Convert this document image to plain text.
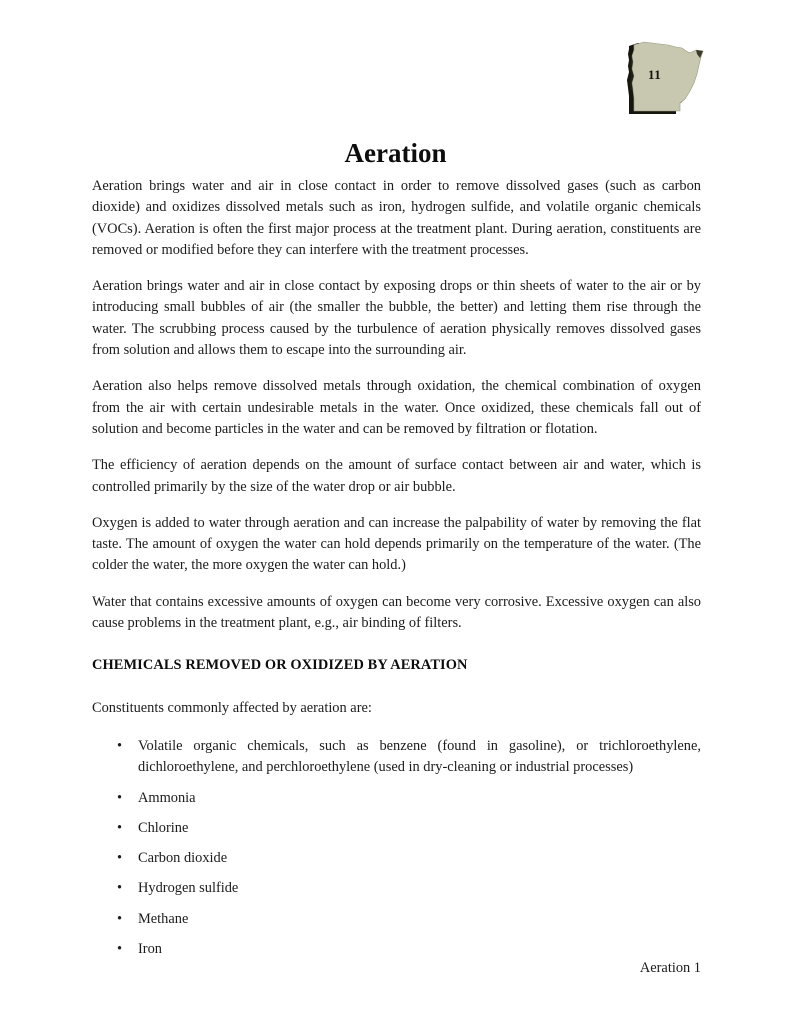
11
Aeration

Aeration brings water and air in close contact in order to remove dissolved gases (such as carbon dioxide) and oxidizes dissolved metals such as iron, hydrogen sulfide, and volatile organic chemicals (VOCs). Aeration is often the first major process at the treatment plant. During aeration, constituents are removed or modified before they can interfere with the treatment processes.

Aeration brings water and air in close contact by exposing drops or thin sheets of water to the air or by introducing small bubbles of air (the smaller the bubble, the better) and letting them rise through the water. The scrubbing process caused by the turbulence of aeration physically removes dissolved gases from solution and allows them to escape into the surrounding air.

Aeration also helps remove dissolved metals through oxidation, the chemical combination of oxygen from the air with certain undesirable metals in the water. Once oxidized, these chemicals fall out of solution and become particles in the water and can be removed by filtration or flotation.

The efficiency of aeration depends on the amount of surface contact between air and water, which is controlled primarily by the size of the water drop or air bubble.

Oxygen is added to water through aeration and can increase the palpability of water by removing the flat taste. The amount of oxygen the water can hold depends primarily on the temperature of the water. (The colder the water, the more oxygen the water can hold.)

Water that contains excessive amounts of oxygen can become very corrosive. Excessive oxygen can also cause problems in the treatment plant, e.g., air binding of filters.

CHEMICALS REMOVED OR OXIDIZED BY AERATION

Constituents commonly affected by aeration are:

• Volatile organic chemicals, such as benzene (found in gasoline), or trichloroethylene, dichloroethylene, and perchloroethylene (used in dry-cleaning or industrial processes)
• Ammonia
• Chlorine
• Carbon dioxide
• Hydrogen sulfide
• Methane
• Iron
Aeration 1
